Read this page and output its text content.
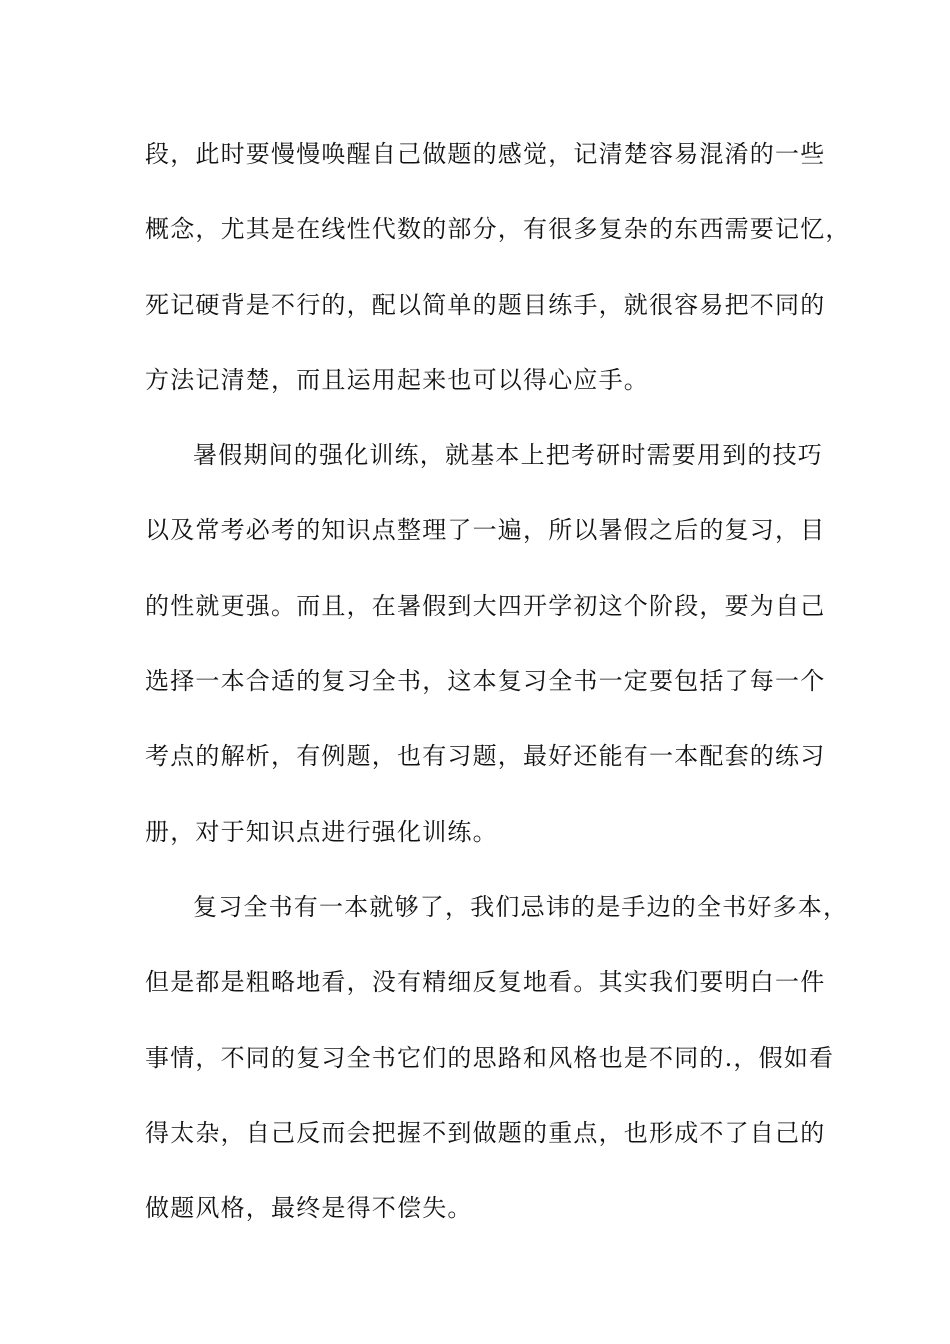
段，此时要慢慢唤醒自己做题的感觉，记清楚容易混淆的一些
概念，尤其是在线性代数的部分，有很多复杂的东西需要记忆，
死记硬背是不行的，配以简单的题目练手，就很容易把不同的
方法记清楚，而且运用起来也可以得心应手。
暑假期间的强化训练，就基本上把考研时需要用到的技巧
以及常考必考的知识点整理了一遍，所以暑假之后的复习，目
的性就更强。而且，在暑假到大四开学初这个阶段，要为自己
选择一本合适的复习全书，这本复习全书一定要包括了每一个
考点的解析，有例题，也有习题，最好还能有一本配套的练习
册，对于知识点进行强化训练。
复习全书有一本就够了，我们忌讳的是手边的全书好多本，
但是都是粗略地看，没有精细反复地看。其实我们要明白一件
事情，不同的复习全书它们的思路和风格也是不同的.，假如看
得太杂，自己反而会把握不到做题的重点，也形成不了自己的
做题风格，最终是得不偿失。
